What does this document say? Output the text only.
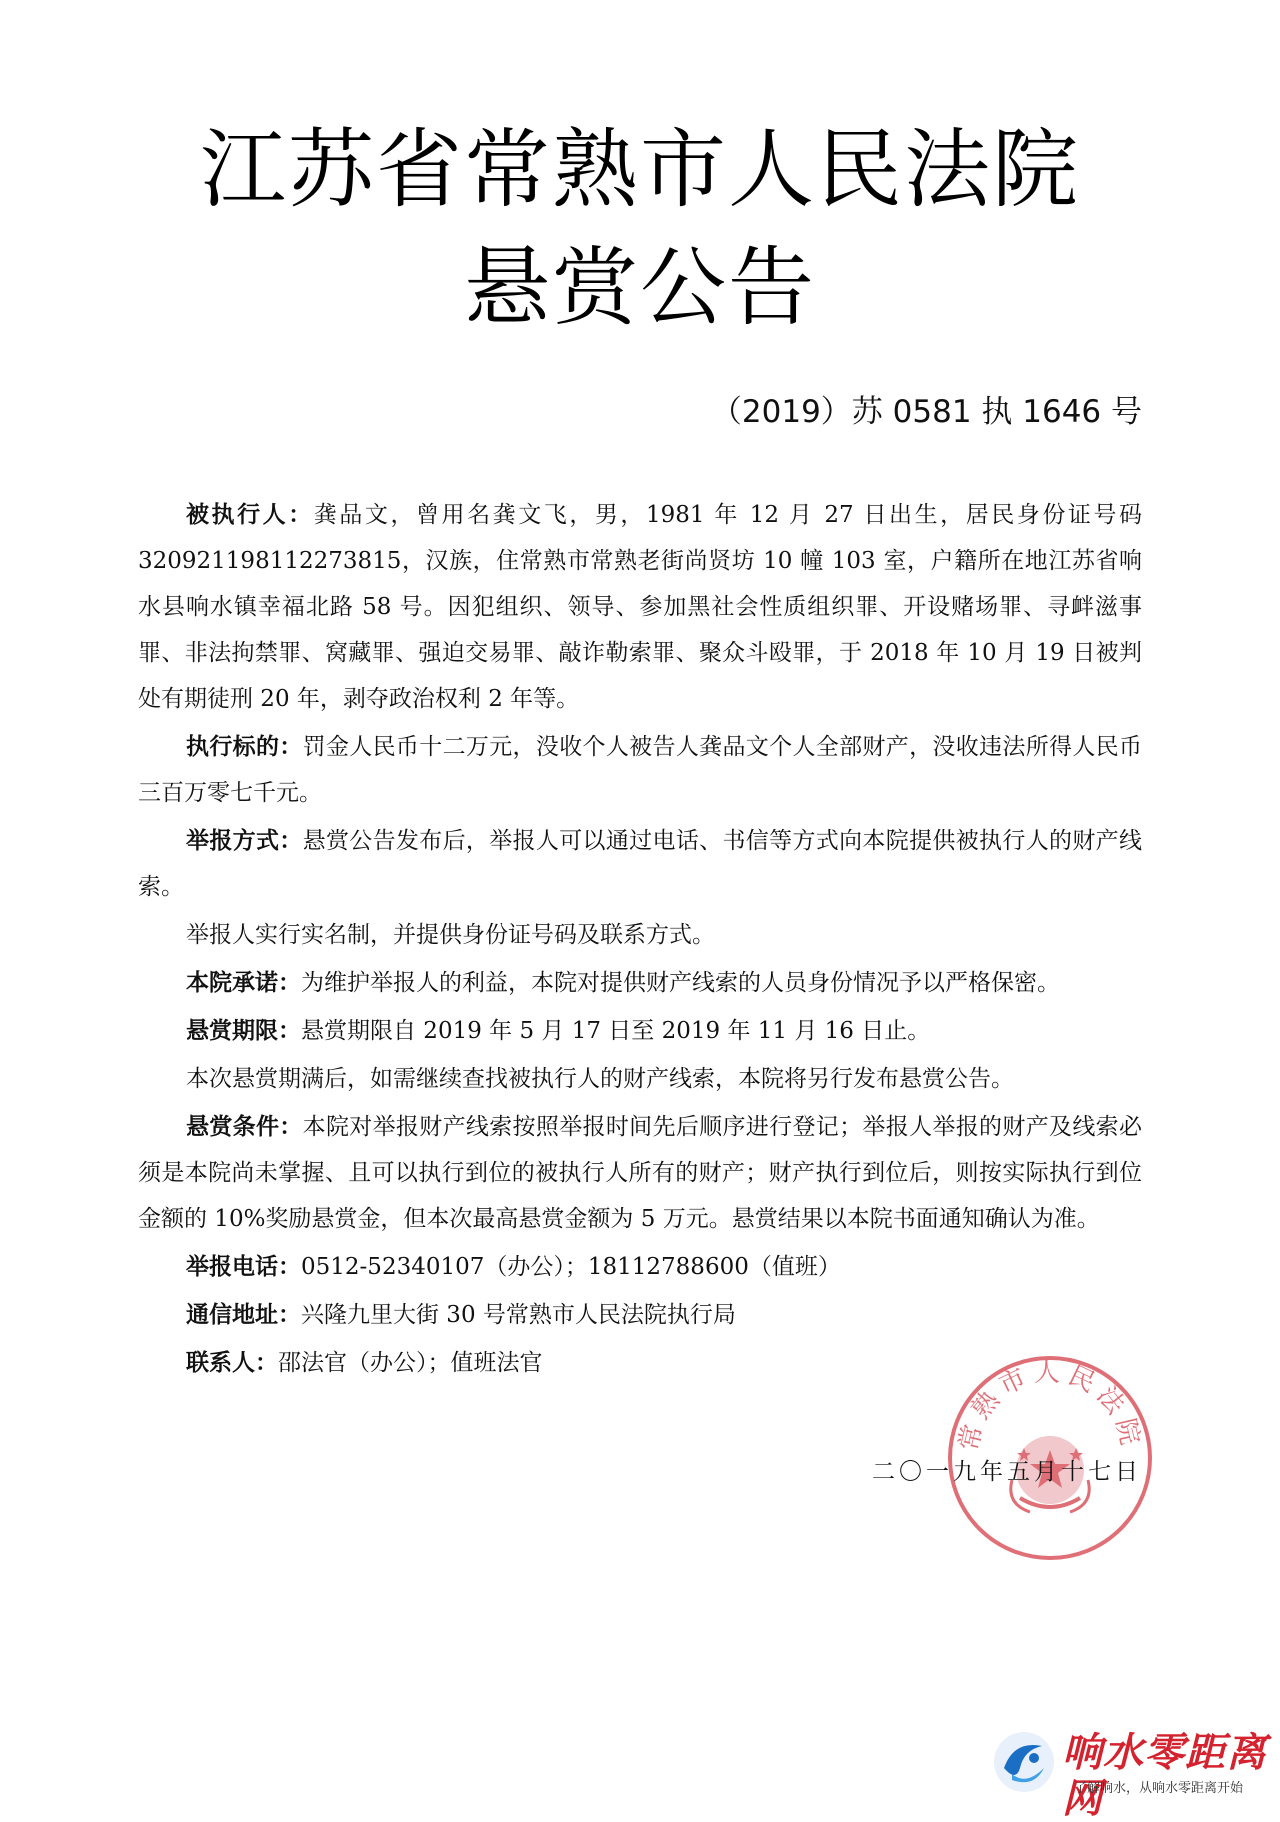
江苏省常熟市人民法院
悬赏公告
（2019）苏 0581 执 1646 号

被执行人：龚品文，曾用名龚文飞，男，1981 年 12 月 27 日出生，居民身份证号码 320921198112273815，汉族，住常熟市常熟老街尚贤坊 10 幢 103 室，户籍所在地江苏省响水县响水镇幸福北路 58 号。因犯组织、领导、参加黑社会性质组织罪、开设赌场罪、寻衅滋事罪、非法拘禁罪、窝藏罪、强迫交易罪、敲诈勒索罪、聚众斗殴罪，于 2018 年 10 月 19 日被判处有期徒刑 20 年，剥夺政治权利 2 年等。

执行标的：罚金人民币十二万元，没收个人被告人龚品文个人全部财产，没收违法所得人民币三百万零七千元。

举报方式：悬赏公告发布后，举报人可以通过电话、书信等方式向本院提供被执行人的财产线索。

举报人实行实名制，并提供身份证号码及联系方式。

本院承诺：为维护举报人的利益，本院对提供财产线索的人员身份情况予以严格保密。

悬赏期限：悬赏期限自 2019 年 5 月 17 日至 2019 年 11 月 16 日止。

本次悬赏期满后，如需继续查找被执行人的财产线索，本院将另行发布悬赏公告。

悬赏条件：本院对举报财产线索按照举报时间先后顺序进行登记；举报人举报的财产及线索必须是本院尚未掌握、且可以执行到位的被执行人所有的财产；财产执行到位后，则按实际执行到位金额的 10%奖励悬赏金，但本次最高悬赏金额为 5 万元。悬赏结果以本院书面通知确认为准。

举报电话：0512-52340107（办公）；18112788600（值班）

通信地址：兴隆九里大街 30 号常熟市人民法院执行局

联系人：邵法官（办公）；值班法官

常熟市人民法院
二〇一九年五月十七日
响水零距离网
了解响水，从响水零距离开始
